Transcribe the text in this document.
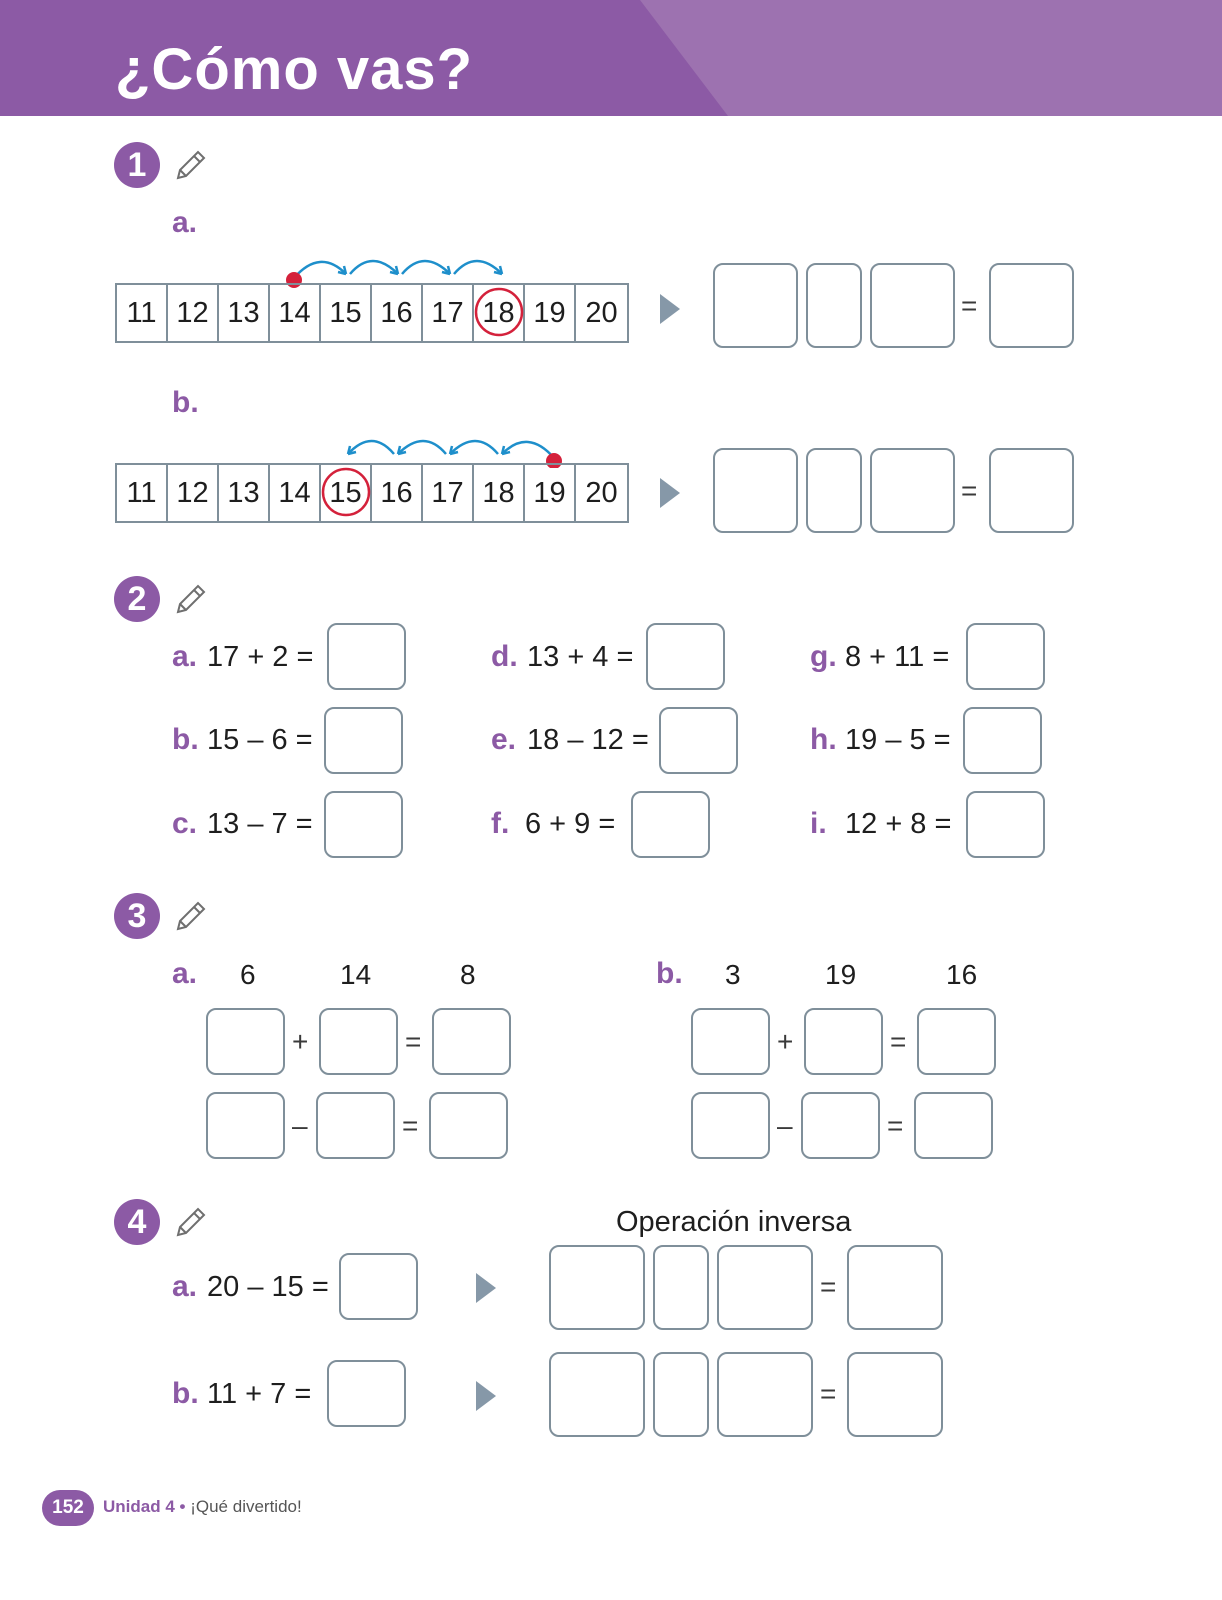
¿Cómo vas?
1
a.
11 12 13 14 15 16 17 18 19 20	=
b.
11 12 13 14 15 16 17 18 19 20	=
2
a. 17 + 2 =
b. 15 – 6 =
c. 13 – 7 =
d. 13 + 4 =
e. 18 – 12 =
f. 6 + 9 =
g. 8 + 11 =
h. 19 – 5 =
i. 12 + 8 =
3
a. 6	14	8
+	=
–	=
b. 3	19	16
+	=
–	=
4	Operación inversa
a. 20 – 15 =	=
b. 11 + 7 =	=
152	Unidad 4 • ¡Qué divertido!
